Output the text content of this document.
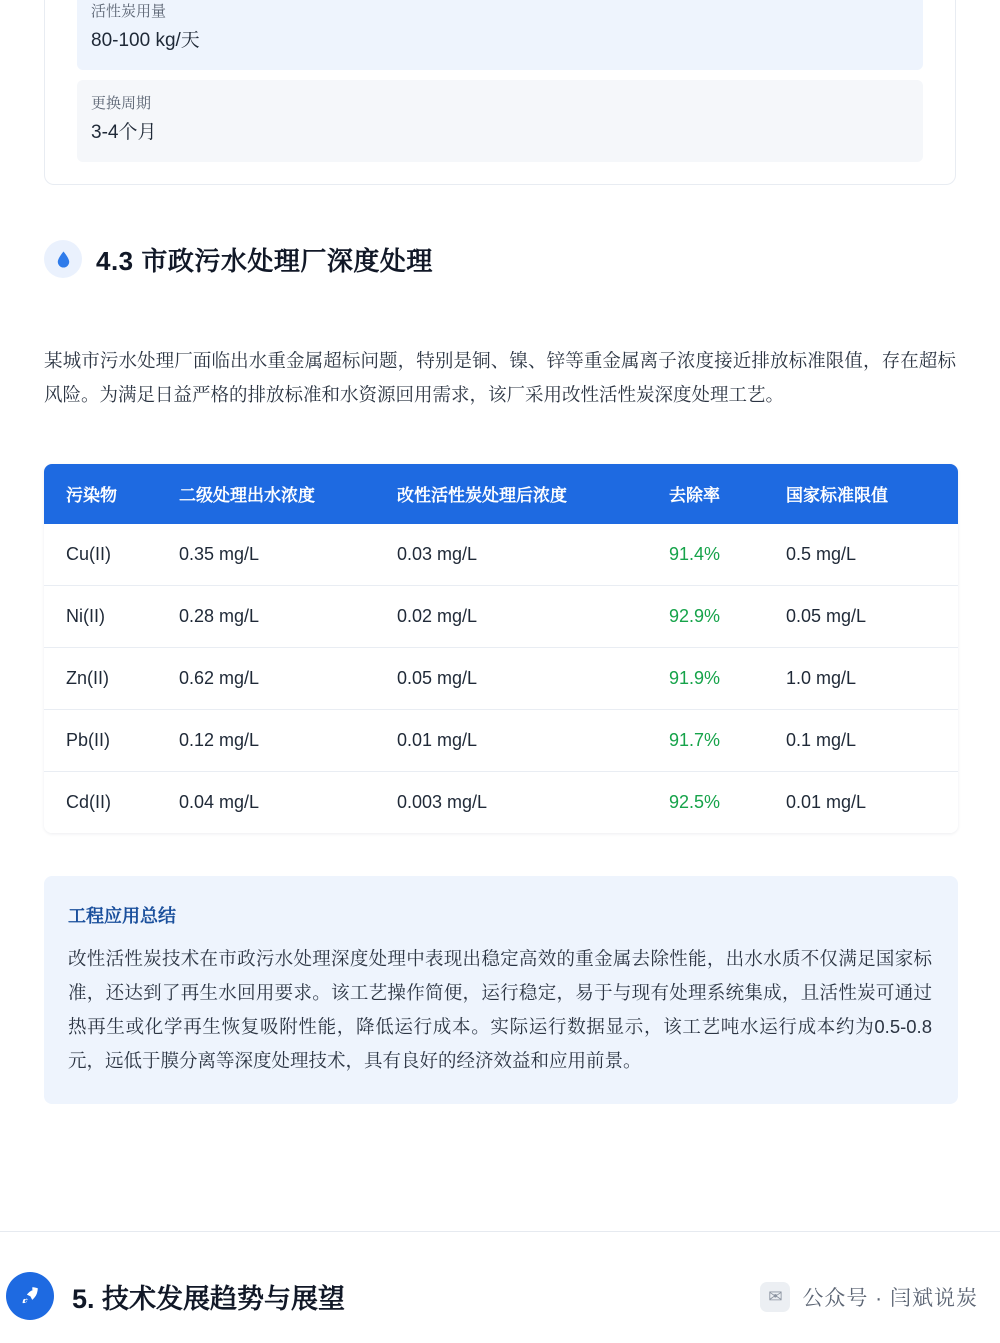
活性炭用量
80-100 kg/天
更换周期
3-4个月
4.3 市政污水处理厂深度处理

某城市污水处理厂面临出水重金属超标问题，特别是铜、镍、锌等重金属离子浓度接近排放标准限值，存在超标风险。为满足日益严格的排放标准和水资源回用需求，该厂采用改性活性炭深度处理工艺。

污染物	二级处理出水浓度	改性活性炭处理后浓度	去除率	国家标准限值
Cu(II)	0.35 mg/L	0.03 mg/L	91.4%	0.5 mg/L
Ni(II)	0.28 mg/L	0.02 mg/L	92.9%	0.05 mg/L
Zn(II)	0.62 mg/L	0.05 mg/L	91.9%	1.0 mg/L
Pb(II)	0.12 mg/L	0.01 mg/L	91.7%	0.1 mg/L
Cd(II)	0.04 mg/L	0.003 mg/L	92.5%	0.01 mg/L
工程应用总结
改性活性炭技术在市政污水处理深度处理中表现出稳定高效的重金属去除性能，出水水质不仅满足国家标准，还达到了再生水回用要求。该工艺操作简便，运行稳定，易于与现有处理系统集成，且活性炭可通过热再生或化学再生恢复吸附性能，降低运行成本。实际运行数据显示，该工艺吨水运行成本约为0.5-0.8元，远低于膜分离等深度处理技术，具有良好的经济效益和应用前景。
5. 技术发展趋势与展望	✉ 公众号 · 闫斌说炭
